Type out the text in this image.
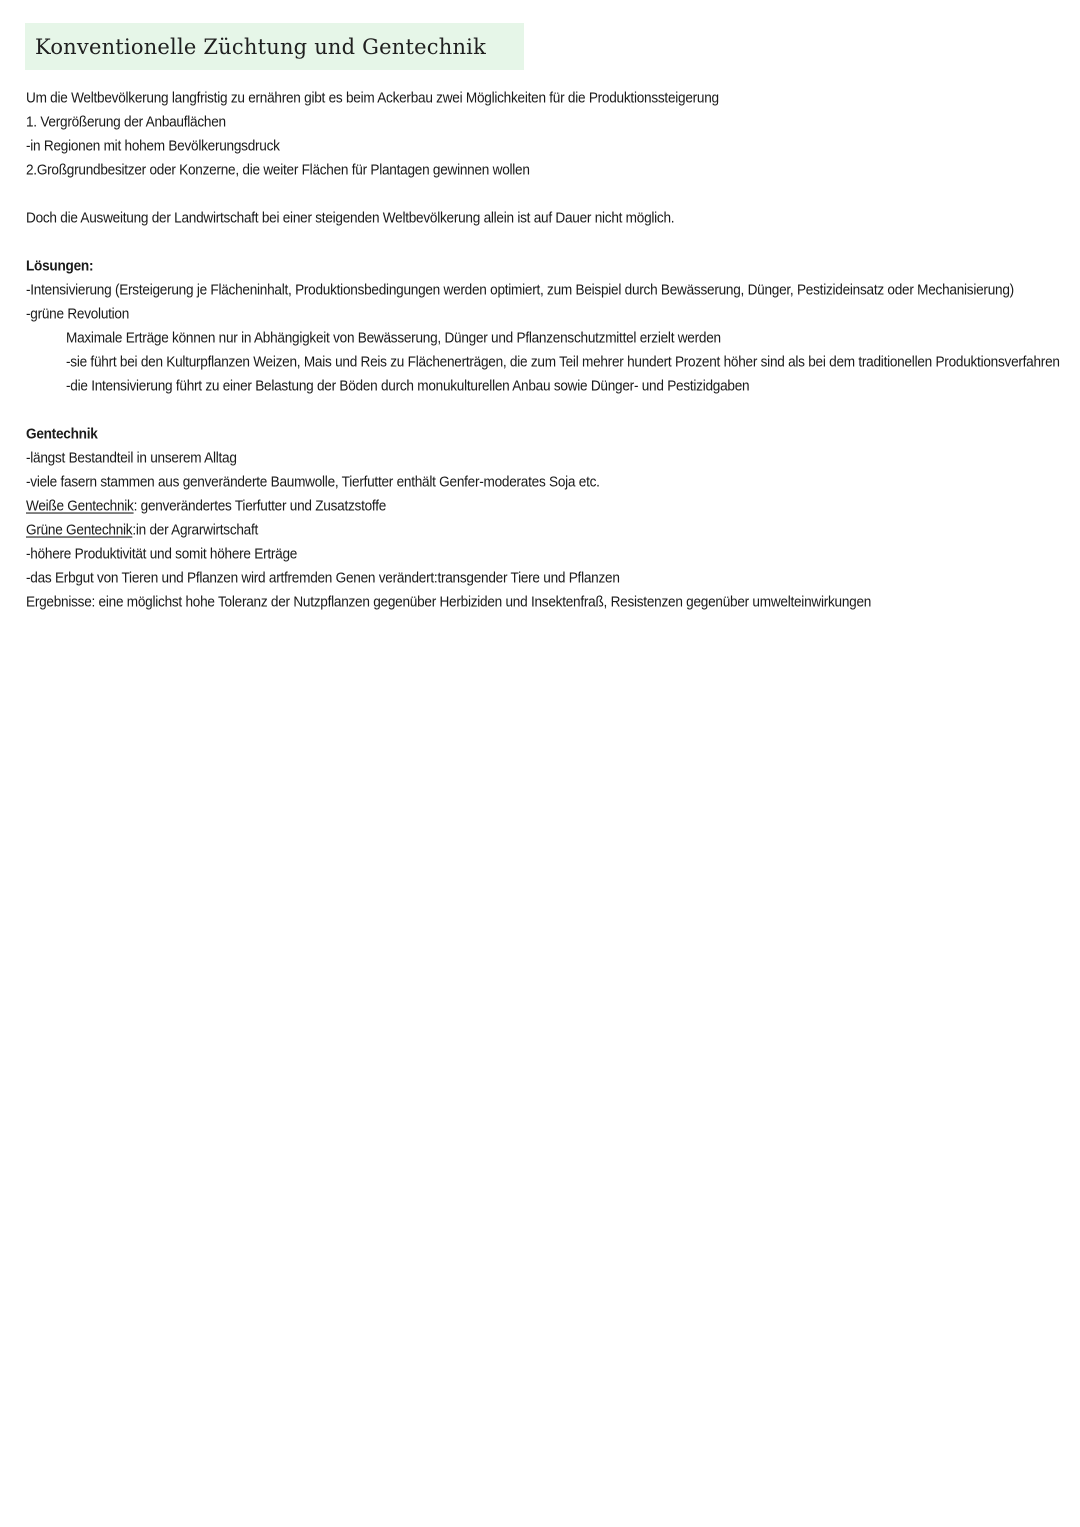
Konventionelle Züchtung und Gentechnik
Um die Weltbevölkerung langfristig zu ernähren gibt es beim Ackerbau zwei Möglichkeiten für die Produktionssteigerung
1. Vergrößerung der Anbauflächen
-in Regionen mit hohem Bevölkerungsdruck
2.Großgrundbesitzer oder Konzerne, die weiter Flächen für Plantagen gewinnen wollen
Doch die Ausweitung der Landwirtschaft bei einer steigenden Weltbevölkerung allein ist auf Dauer nicht möglich.
Lösungen:
-Intensivierung (Ersteigerung je Flächeninhalt, Produktionsbedingungen werden optimiert, zum Beispiel durch Bewässerung, Dünger, Pestizideinsatz oder Mechanisierung)
-grüne Revolution
Maximale Erträge können nur in Abhängigkeit von Bewässerung, Dünger und Pflanzenschutzmittel erzielt werden
-sie führt bei den Kulturpflanzen Weizen, Mais und Reis zu Flächenerträgen, die zum Teil mehrer hundert Prozent höher sind als bei dem traditionellen Produktionsverfahren
-die Intensivierung führt zu einer Belastung der Böden durch monukulturellen Anbau sowie Dünger- und Pestizidgaben
Gentechnik
-längst Bestandteil in unserem Alltag
-viele fasern stammen aus genveränderte Baumwolle, Tierfutter enthält Genfer-moderates Soja etc.
Weiße Gentechnik: genverändertes Tierfutter und Zusatzstoffe
Grüne Gentechnik:in der Agrarwirtschaft
-höhere Produktivität und somit höhere Erträge
-das Erbgut von Tieren und Pflanzen wird artfremden Genen verändert:transgender Tiere und Pflanzen
Ergebnisse: eine möglichst hohe Toleranz der Nutzpflanzen gegenüber Herbiziden und Insektenfraß, Resistenzen gegenüber umwelteinwirkungen
